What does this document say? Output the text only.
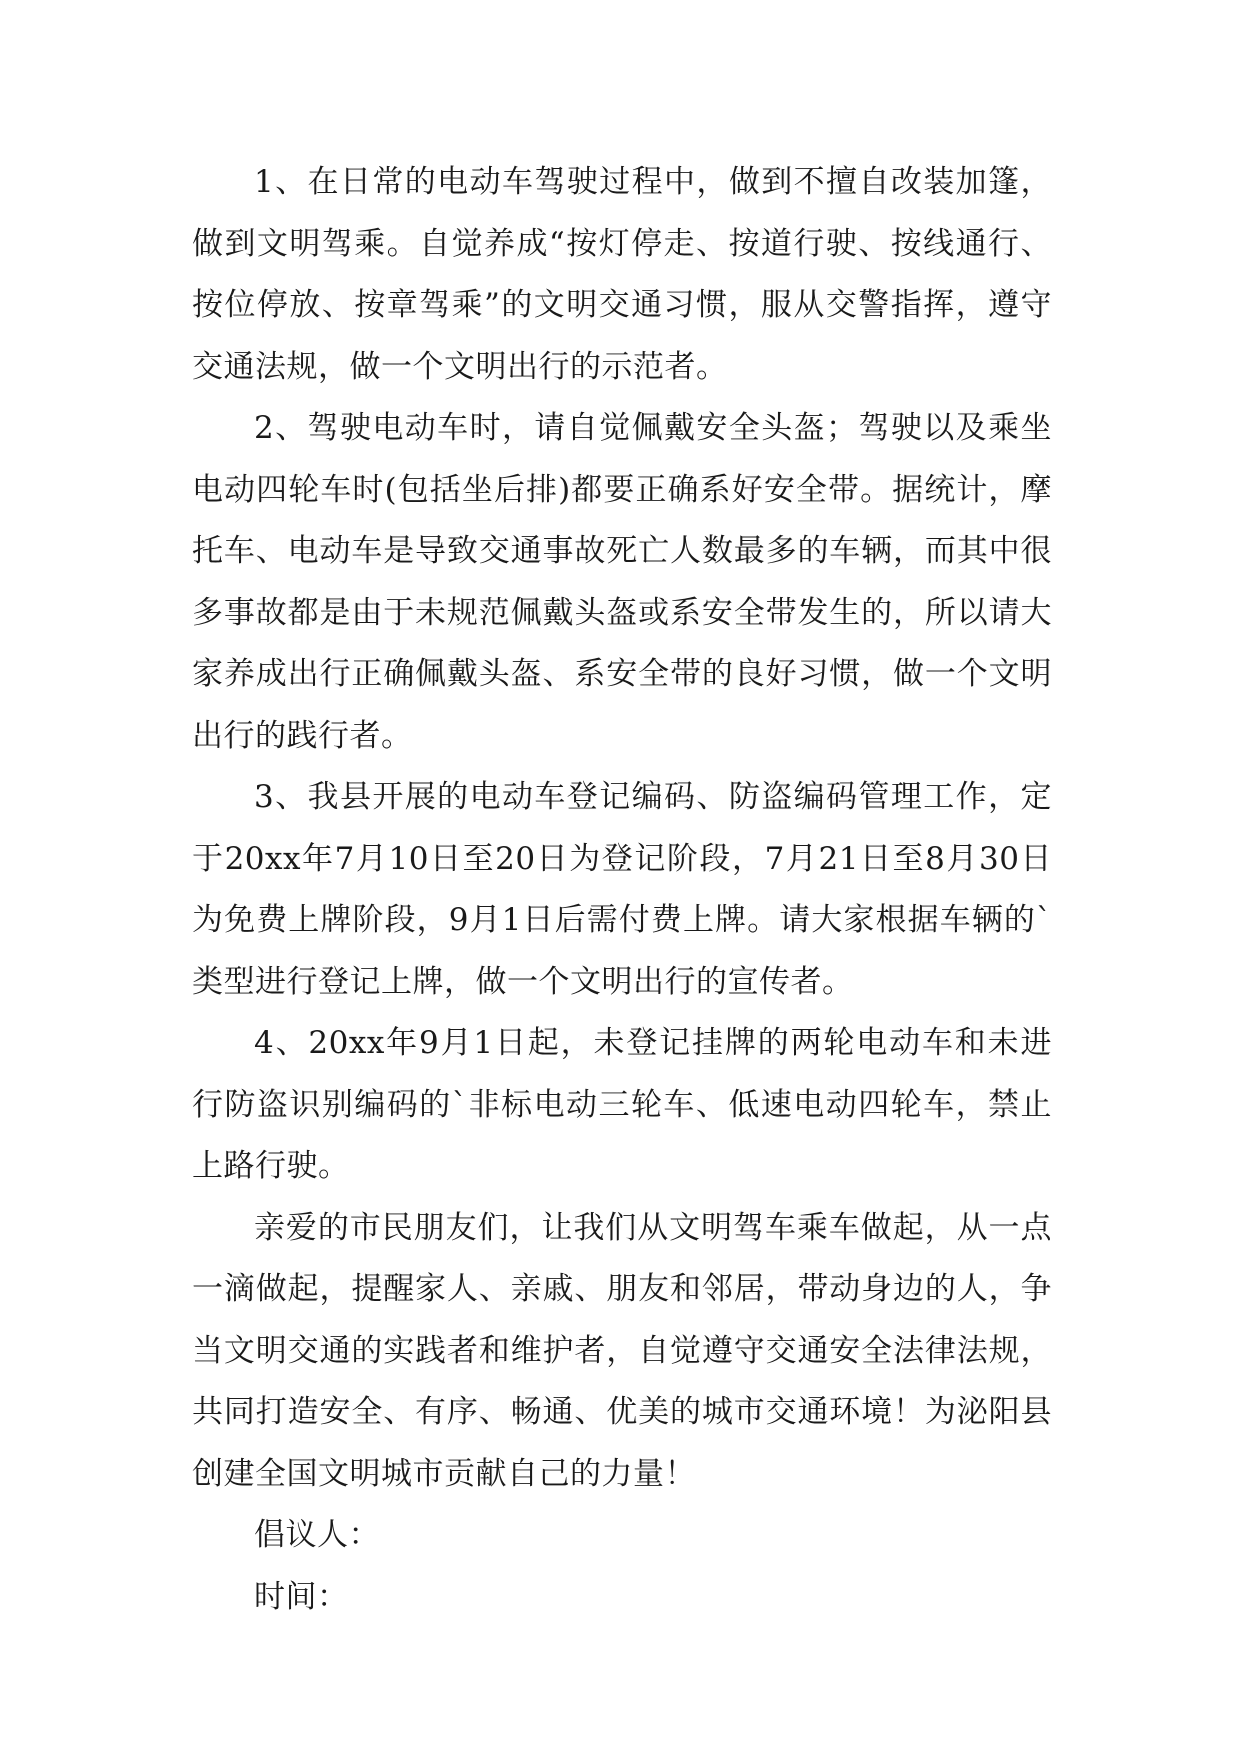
1、在日常的电动车驾驶过程中，做到不擅自改装加篷，做到文明驾乘。自觉养成“按灯停走、按道行驶、按线通行、按位停放、按章驾乘”的文明交通习惯，服从交警指挥，遵守交通法规，做一个文明出行的示范者。

2、驾驶电动车时，请自觉佩戴安全头盔；驾驶以及乘坐电动四轮车时(包括坐后排)都要正确系好安全带。据统计，摩托车、电动车是导致交通事故死亡人数最多的车辆，而其中很多事故都是由于未规范佩戴头盔或系安全带发生的，所以请大家养成出行正确佩戴头盔、系安全带的良好习惯，做一个文明出行的践行者。

3、我县开展的电动车登记编码、防盗编码管理工作，定于20xx年7月10日至20日为登记阶段，7月21日至8月30日为免费上牌阶段，9月1日后需付费上牌。请大家根据车辆的`类型进行登记上牌，做一个文明出行的宣传者。

4、20xx年9月1日起，未登记挂牌的两轮电动车和未进行防盗识别编码的`非标电动三轮车、低速电动四轮车，禁止上路行驶。

亲爱的市民朋友们，让我们从文明驾车乘车做起，从一点一滴做起，提醒家人、亲戚、朋友和邻居，带动身边的人，争当文明交通的实践者和维护者，自觉遵守交通安全法律法规，共同打造安全、有序、畅通、优美的城市交通环境！为泌阳县创建全国文明城市贡献自己的力量！

倡议人：

时间：
